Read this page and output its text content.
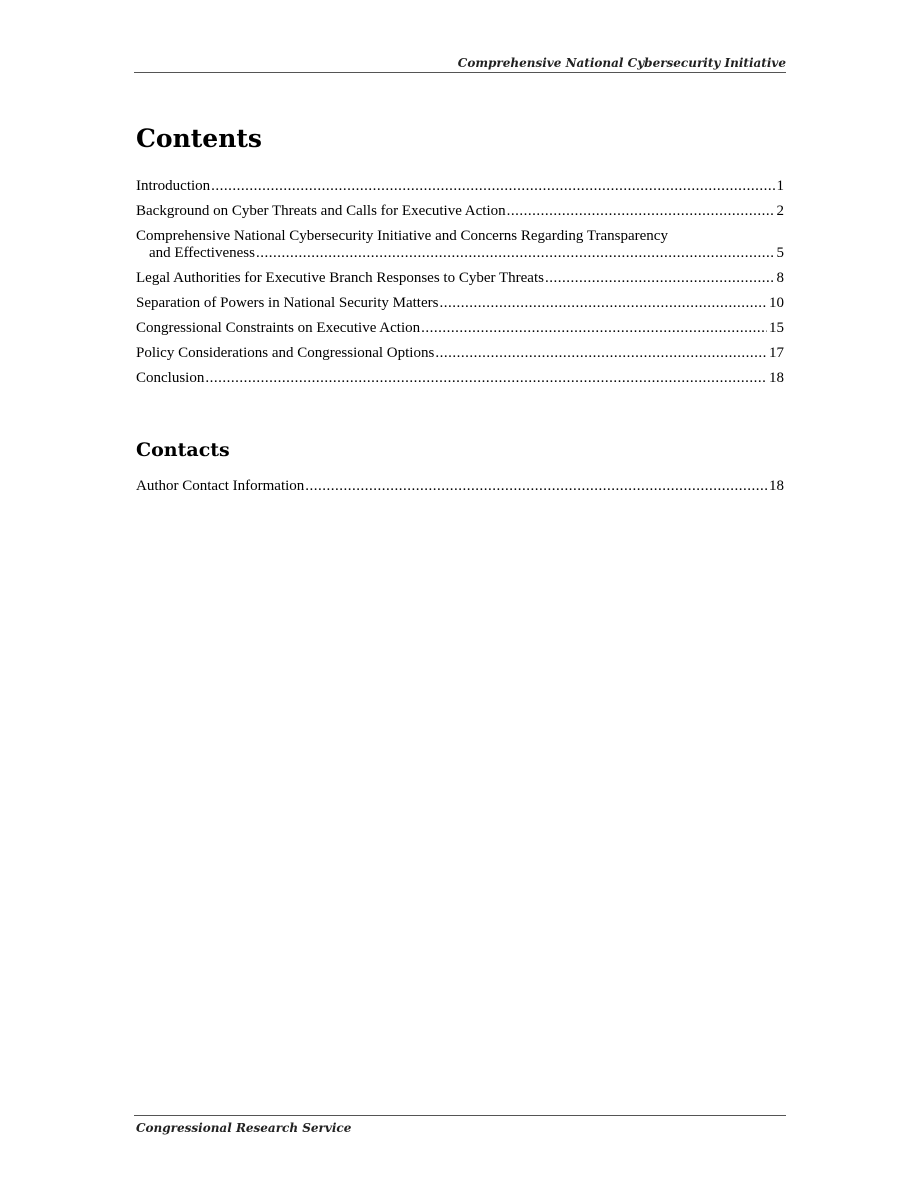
Comprehensive National Cybersecurity Initiative
Contents
Introduction .....	1
Background on Cyber Threats and Calls for Executive Action .....	2
Comprehensive National Cybersecurity Initiative and Concerns Regarding Transparency
and Effectiveness .....	5
Legal Authorities for Executive Branch Responses to Cyber Threats .....	8
Separation of Powers in National Security Matters .....	10
Congressional Constraints on Executive Action .....	15
Policy Considerations and Congressional Options .....	17
Conclusion .....	18
Contacts
Author Contact Information .....	18
Congressional Research Service
